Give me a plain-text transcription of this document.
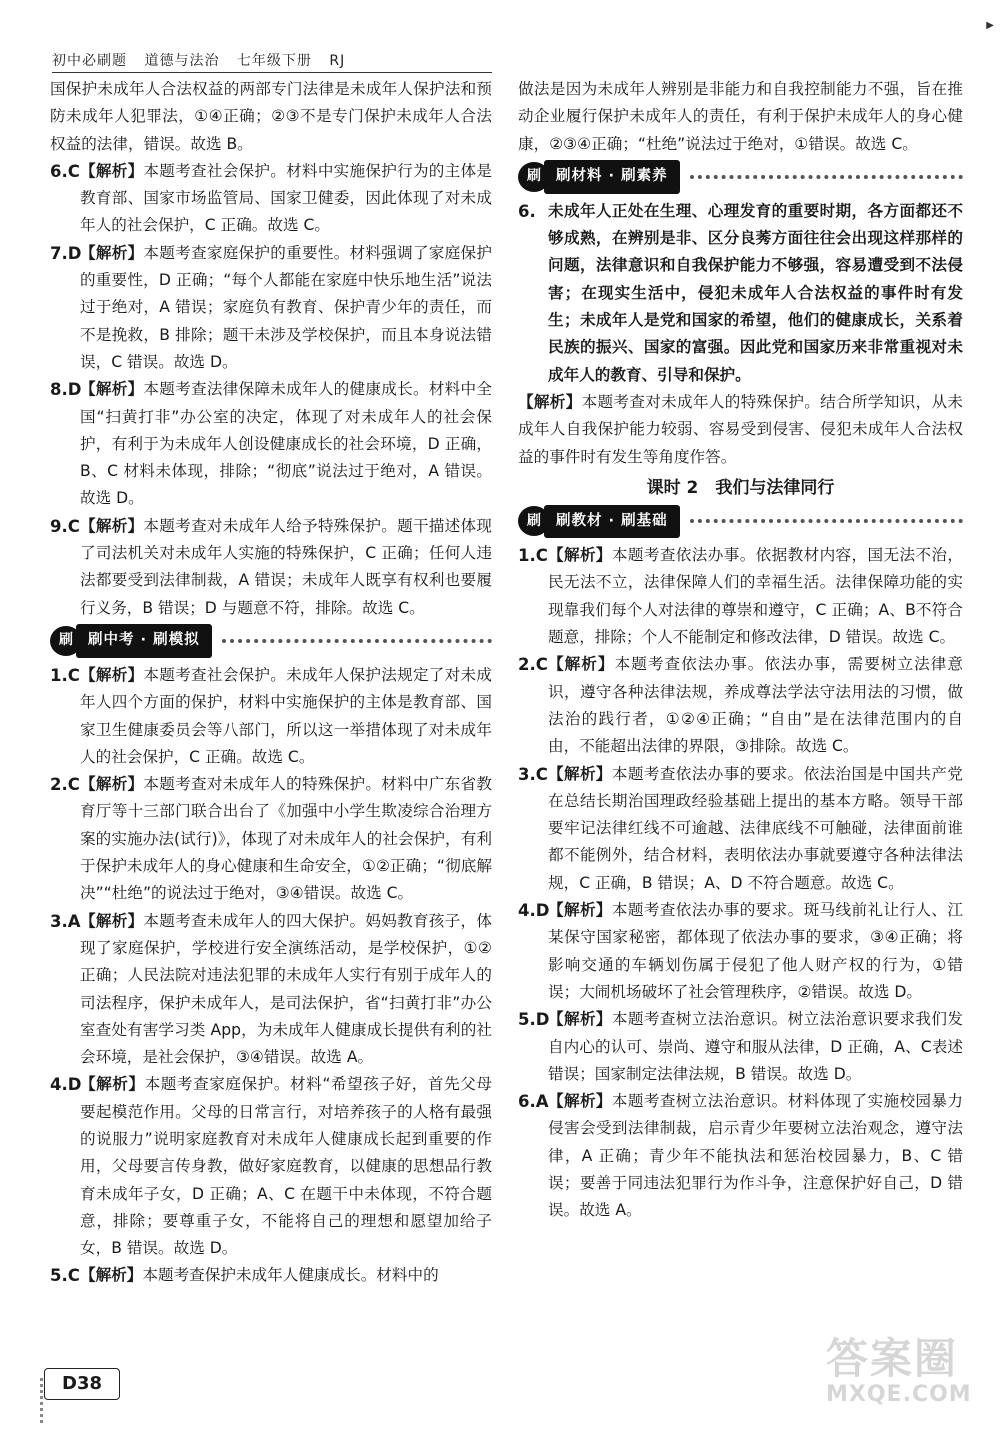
▶
初中必刷题 道德与法治 七年级下册 RJ

国保护未成年人合法权益的两部专门法律是未成年人保护法和预防未成年人犯罪法，①④正确；②③不是专门保护未成年人合法权益的法律，错误。故选 B。

6.C 【解析】本题考查社会保护。材料中实施保护行为的主体是教育部、国家市场监管局、国家卫健委，因此体现了对未成年人的社会保护，C 正确。故选 C。
7.D
【解析】本题考查家庭保护的重要性。材料强调了家庭保护的重要性，D 正确；“每个人都能在家庭中快乐地生活”说法过于绝对，A 错误；家庭负有教育、保护青少年的责任，而不是挽救，B 排除；题干未涉及学校保护，而且本身说法错误，C 错误。故选 D。
8.D
【解析】本题考查法律保障未成年人的健康成长。材料中全国“扫黄打非”办公室的决定，体现了对未成年人的社会保护，有利于为未成年人创设健康成长的社会环境，D 正确，B、C 材料未体现，排除；“彻底”说法过于绝对，A 错误。故选 D。
9.C 【解析】本题考查对未成年人给予特殊保护。题干描述体现了司法机关对未成年人实施的特殊保护，C 正确；任何人违法都要受到法律制裁，A 错误；未成年人既享有权利也要履行义务，B 错误；D 与题意不符，排除。故选 C。
刷	刷中考 · 刷模拟
1.C 【解析】本题考查社会保护。未成年人保护法规定了对未成年人四个方面的保护，材料中实施保护的主体是教育部、国家卫生健康委员会等八部门，所以这一举措体现了对未成年人的社会保护，C 正确。故选 C。
2.C 【解析】本题考查对未成年人的特殊保护。材料中广东省教育厅等十三部门联合出台了《加强中小学生欺凌综合治理方案的实施办法(试行)》，体现了对未成年人的社会保护，有利于保护未成年人的身心健康和生命安全，①②正确；“彻底解决”“杜绝”的说法过于绝对，③④错误。故选 C。
3.A 【解析】本题考查未成年人的四大保护。妈妈教育孩子，体现了家庭保护，学校进行安全演练活动，是学校保护，①②正确；人民法院对违法犯罪的未成年人实行有别于成年人的司法程序，保护未成年人，是司法保护，省“扫黄打非”办公室查处有害学习类 App，为未成年人健康成长提供有利的社会环境，是社会保护，③④错误。故选 A。
4.D
【解析】本题考查家庭保护。材料“希望孩子好，首先父母要起模范作用。父母的日常言行，对培养孩子的人格有最强的说服力”说明家庭教育对未成年人健康成长起到重要的作用，父母要言传身教，做好家庭教育，以健康的思想品行教育未成年子女，D 正确；A、C 在题干中未体现，不符合题意，排除；要尊重子女，不能将自己的理想和愿望加给子女，B 错误。故选 D。
5.C 【解析】本题考查保护未成年人健康成长。材料中的

做法是因为未成年人辨别是非能力和自我控制能力不强，旨在推动企业履行保护未成年人的责任，有利于保护未成年人的身心健康，②③④正确；“杜绝”说法过于绝对，①错误。故选 C。

刷	刷材料 · 刷素养
6. 未成年人正处在生理、心理发育的重要时期，各方面都还不够成熟，在辨别是非、区分良莠方面往往会出现这样那样的问题，法律意识和自我保护能力不够强，容易遭受到不法侵害；在现实生活中，侵犯未成年人合法权益的事件时有发生；未成年人是党和国家的希望，他们的健康成长，关系着民族的振兴、国家的富强。因此党和国家历来非常重视对未成年人的教育、引导和保护。

【解析】本题考查对未成年人的特殊保护。结合所学知识，从未成年人自我保护能力较弱、容易受到侵害、侵犯未成年人合法权益的事件时有发生等角度作答。

课时 2　我们与法律同行
刷	刷教材 · 刷基础
1.C 【解析】本题考查依法办事。依据教材内容，国无法不治，民无法不立，法律保障人们的幸福生活。法律保障功能的实现靠我们每个人对法律的尊崇和遵守，C 正确；A、B不符合题意，排除；个人不能制定和修改法律，D 错误。故选 C。
2.C 【解析】本题考查依法办事。依法办事，需要树立法律意识，遵守各种法律法规，养成尊法学法守法用法的习惯，做法治的践行者，①②④正确；“自由”是在法律范围内的自由，不能超出法律的界限，③排除。故选 C。
3.C 【解析】本题考查依法办事的要求。依法治国是中国共产党在总结长期治国理政经验基础上提出的基本方略。领导干部要牢记法律红线不可逾越、法律底线不可触碰，法律面前谁都不能例外，结合材料，表明依法办事就要遵守各种法律法规，C 正确，B 错误；A、D 不符合题意。故选 C。
4.D
【解析】本题考查依法办事的要求。斑马线前礼让行人、江某保守国家秘密，都体现了依法办事的要求，③④正确；将影响交通的车辆划伤属于侵犯了他人财产权的行为，①错误；大闹机场破坏了社会管理秩序，②错误。故选 D。
5.D
【解析】本题考查树立法治意识。树立法治意识要求我们发自内心的认可、崇尚、遵守和服从法律，D 正确，A、C表述错误；国家制定法律法规，B 错误。故选 D。
6.A 【解析】本题考查树立法治意识。材料体现了实施校园暴力侵害会受到法律制裁，启示青少年要树立法治观念，遵守法律，A 正确；青少年不能执法和惩治校园暴力，B、C 错误；要善于同违法犯罪行为作斗争，注意保护好自己，D 错误。故选 A。
D38
答案圈
MXQE.COM
